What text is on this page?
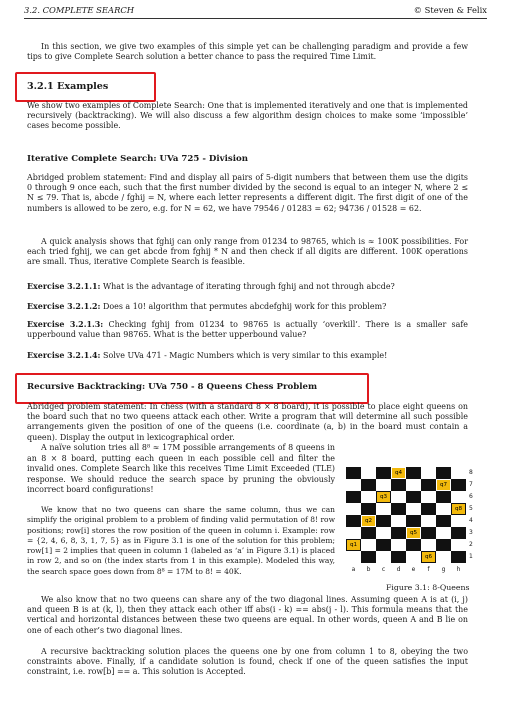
3.2. COMPLETE SEARCH	© Steven & Felix

In this section, we give two examples of this simple yet can be challenging paradigm and provide a few tips to give Complete Search solution a better chance to pass the required Time Limit.

3.2.1 Examples

We show two examples of Complete Search: One that is implemented iteratively and one that is implemented recursively (backtracking). We will also discuss a few algorithm design choices to make some ‘impossible’ cases become possible.

Iterative Complete Search: UVa 725 - Division

Abridged problem statement: Find and display all pairs of 5-digit numbers that between them use the digits 0 through 9 once each, such that the first number divided by the second is equal to an integer N, where 2 ≤ N ≤ 79. That is, abcde / fghij = N, where each letter represents a different digit. The first digit of one of the numbers is allowed to be zero, e.g. for N = 62, we have 79546 / 01283 = 62; 94736 / 01528 = 62.

A quick analysis shows that fghij can only range from 01234 to 98765, which is ≈ 100K possibilities. For each tried fghij, we can get abcde from fghij * N and then check if all digits are different. 100K operations are small. Thus, iterative Complete Search is feasible.

Exercise 3.2.1.1: What is the advantage of iterating through fghij and not through abcde?

Exercise 3.2.1.2: Does a 10! algorithm that permutes abcdefghij work for this problem?

Exercise 3.2.1.3: Checking fghij from 01234 to 98765 is actually ‘overkill’. There is a smaller safe upperbound value than 98765. What is the better upperbound value?

Exercise 3.2.1.4: Solve UVa 471 - Magic Numbers which is very similar to this example!

Recursive Backtracking: UVa 750 - 8 Queens Chess Problem

Abridged problem statement: In chess (with a standard 8 × 8 board), it is possible to place eight queens on the board such that no two queens attack each other. Write a program that will determine all such possible arrangements given the position of one of the queens (i.e. coordinate (a, b) in the board must contain a queen). Display the output in lexicographical order.

A naïve solution tries all 8⁸ ≈ 17M possible arrangements of 8 queens in an 8 × 8 board, putting each queen in each possible cell and filter the invalid ones. Complete Search like this receives Time Limit Exceeded (TLE) response. We should reduce the search space by pruning the obviously incorrect board configurations!

We know that no two queens can share the same column, thus we can simplify the original problem to a problem of finding valid permutation of 8! row positions; row[i] stores the row position of the queen in column i. Example: row = {2, 4, 6, 8, 3, 1, 7, 5} as in Figure 3.1 is one of the solution for this problem; row[1] = 2 implies that queen in column 1 (labeled as ‘a’ in Figure 3.1) is placed in row 2, and so on (the index starts from 1 in this example). Modeled this way, the search space goes down from 8⁸ = 17M to 8! = 40K.

8
7
6
5
4
3
2
1
a	b	c	d	e	f	g	h
q1
q2
q3
q4
q5
q6
q7
q8
Figure 3.1: 8-Queens

We also know that no two queens can share any of the two diagonal lines. Assuming queen A is at (i, j) and queen B is at (k, l), then they attack each other iff abs(i - k) == abs(j - l). This formula means that the vertical and horizontal distances between these two queens are equal. In other words, queen A and B lie on one of each other’s two diagonal lines.

A recursive backtracking solution places the queens one by one from column 1 to 8, obeying the two constraints above. Finally, if a candidate solution is found, check if one of the queen satisfies the input constraint, i.e. row[b] == a. This solution is Accepted.
